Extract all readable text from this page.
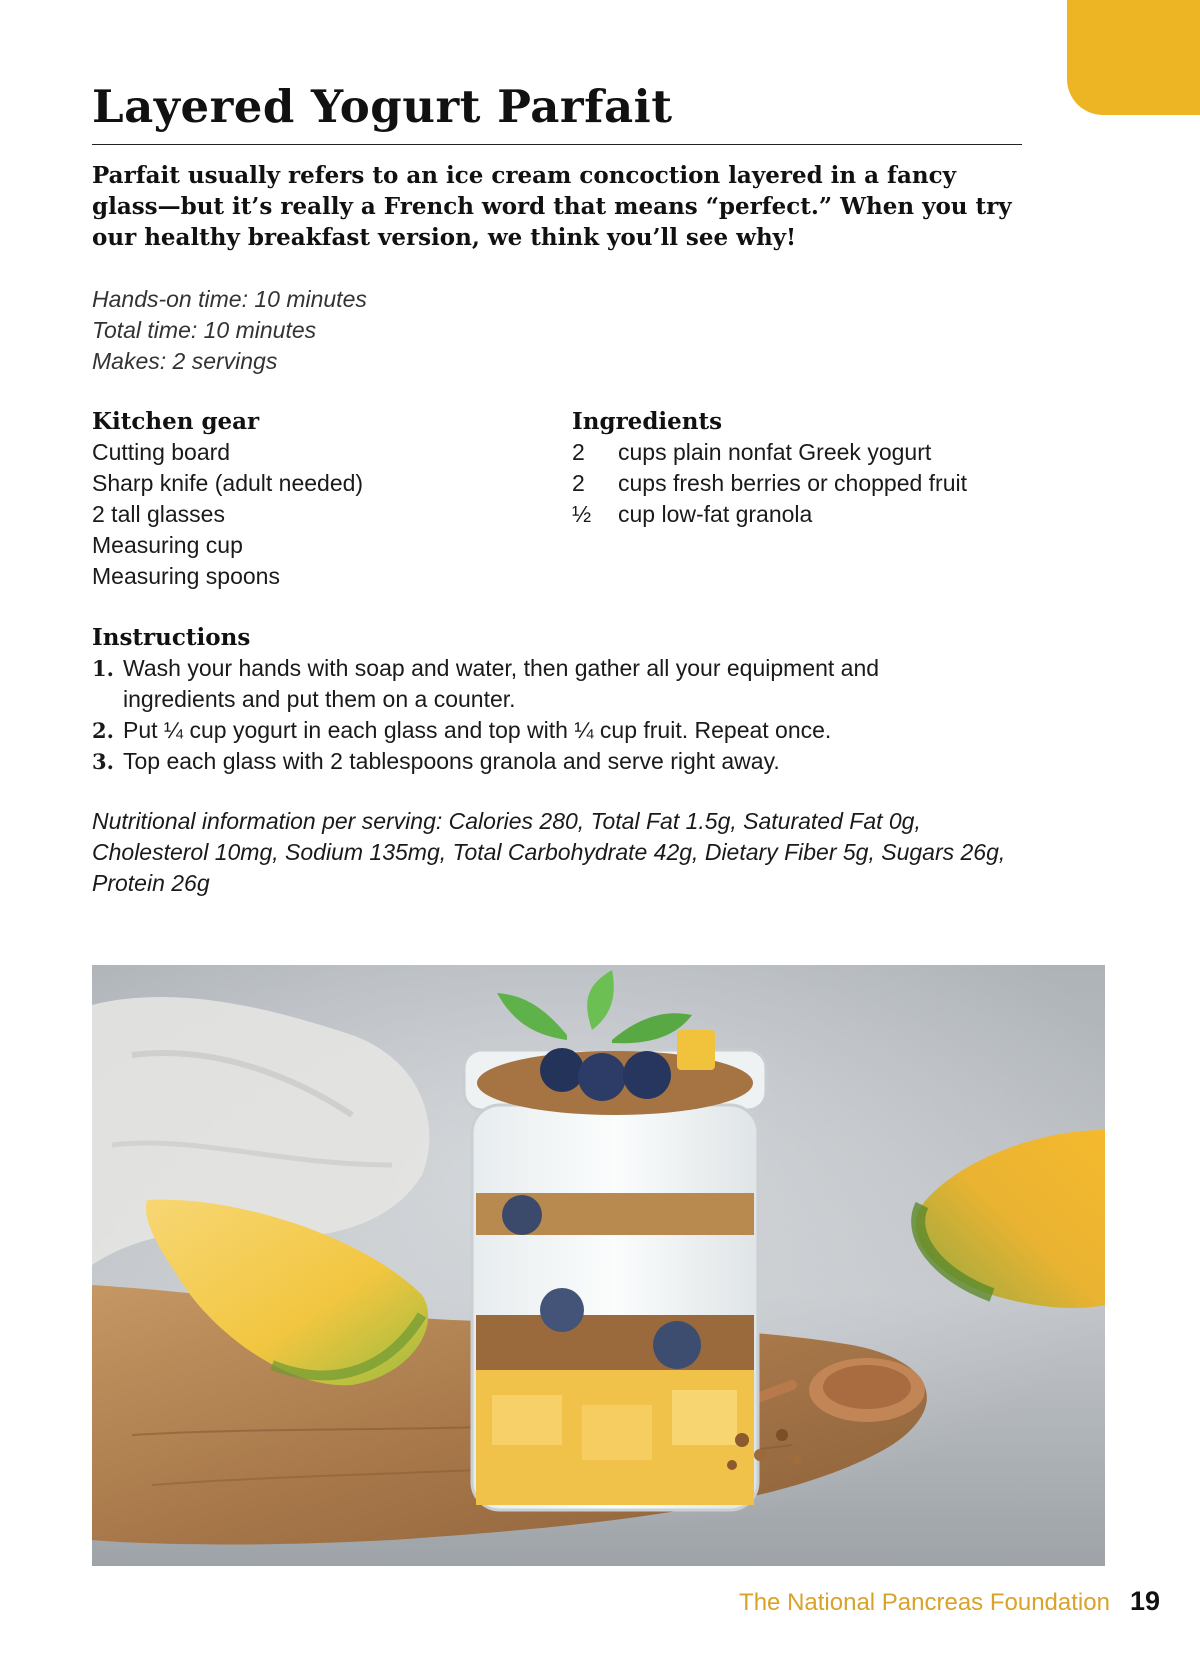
Layered Yogurt Parfait

Parfait usually refers to an ice cream concoction layered in a fancy glass—but it’s really a French word that means “perfect.” When you try our healthy breakfast version, we think you’ll see why!

Hands-on time: 10 minutes
Total time: 10 minutes
Makes: 2 servings
Kitchen gear
Cutting board
Sharp knife (adult needed)
2 tall glasses
Measuring cup
Measuring spoons
Ingredients
2	cups plain nonfat Greek yogurt
2	cups fresh berries or chopped fruit
½	cup low-fat granola
Instructions
1. Wash your hands with soap and water, then gather all your equipment and ingredients and put them on a counter.
2. Put ¼ cup yogurt in each glass and top with ¼ cup fruit. Repeat once.
3. Top each glass with 2 tablespoons granola and serve right away.

Nutritional information per serving: Calories 280, Total Fat 1.5g, Saturated Fat 0g, Cholesterol 10mg, Sodium 135mg, Total Carbohydrate 42g, Dietary Fiber 5g, Sugars 26g, Protein 26g

The National Pancreas Foundation 19
